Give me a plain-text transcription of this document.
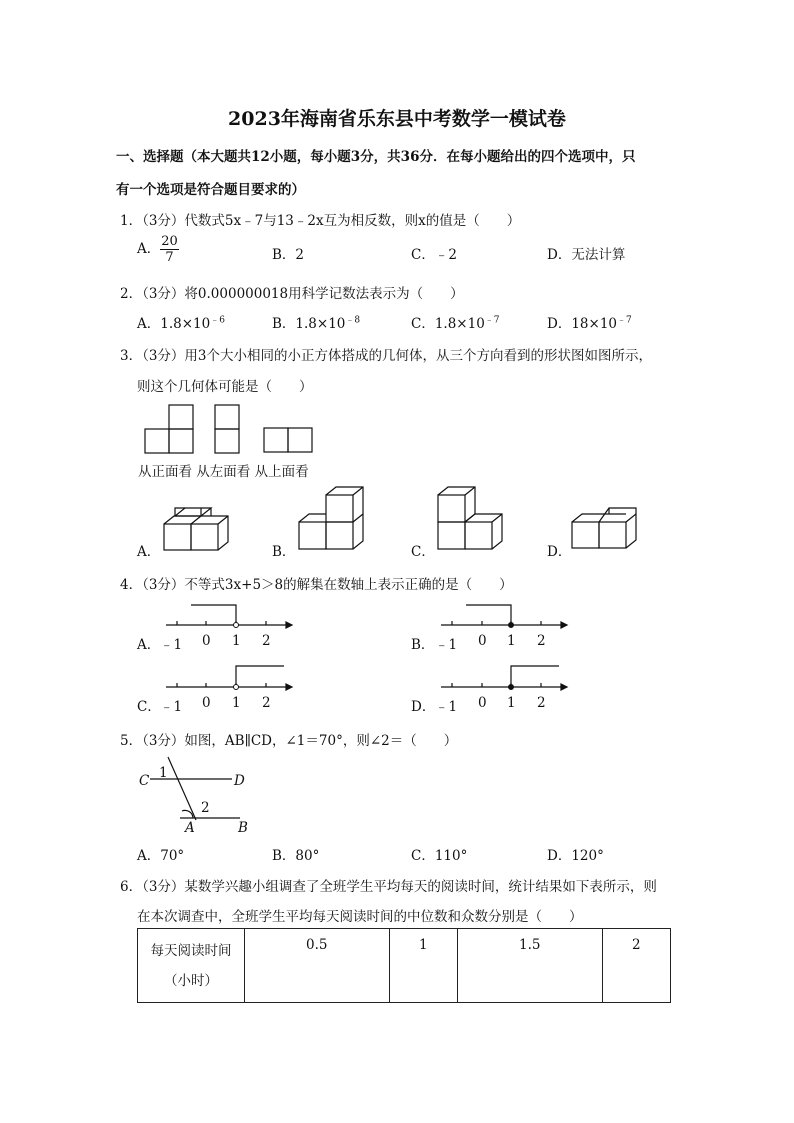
2023年海南省乐东县中考数学一模试卷
一、选择题（本大题共12小题，每小题3分，共36分．在每小题给出的四个选项中，只
有一个选项是符合题目要求的）
1．（3分）代数式5x﹣7与13﹣2x互为相反数，则x的值是（　　）
A． $\frac{20}{7}$	B．2	C．﹣2	D．无法计算
2．（3分）将0.000000018用科学记数法表示为（　　）
A．$1.8\times 10^{﹣6}$	B．$1.8\times 10^{﹣8}$	C．$1.8\times 10^{﹣7}$	D．$18\times 10^{﹣7}$
3．（3分）用3个大小相同的小正方体搭成的几何体，从三个方向看到的形状图如图所示，
则这个几何体可能是（　　）
从正面看 从左面看 从上面看
A．	B．	C．	D．
4．（3分）不等式3x+5＞8的解集在数轴上表示正确的是（　　）
﹣1 0 1 2	﹣1 0 1 2
﹣1 0 1 2	﹣1 0 1 2
A．	B．
C．	D．
5．（3分）如图，AB∥CD，∠1＝70°，则∠2＝（　　）
C 1	D
2
A	B
A．70°	B．80°	C．110°	D．120°
6．（3分）某数学兴趣小组调查了全班学生平均每天的阅读时间，统计结果如下表所示，则
在本次调查中，全班学生平均每天阅读时间的中位数和众数分别是（　　）
每天阅读时间
（小时）
	0.5	1	1.5	2
